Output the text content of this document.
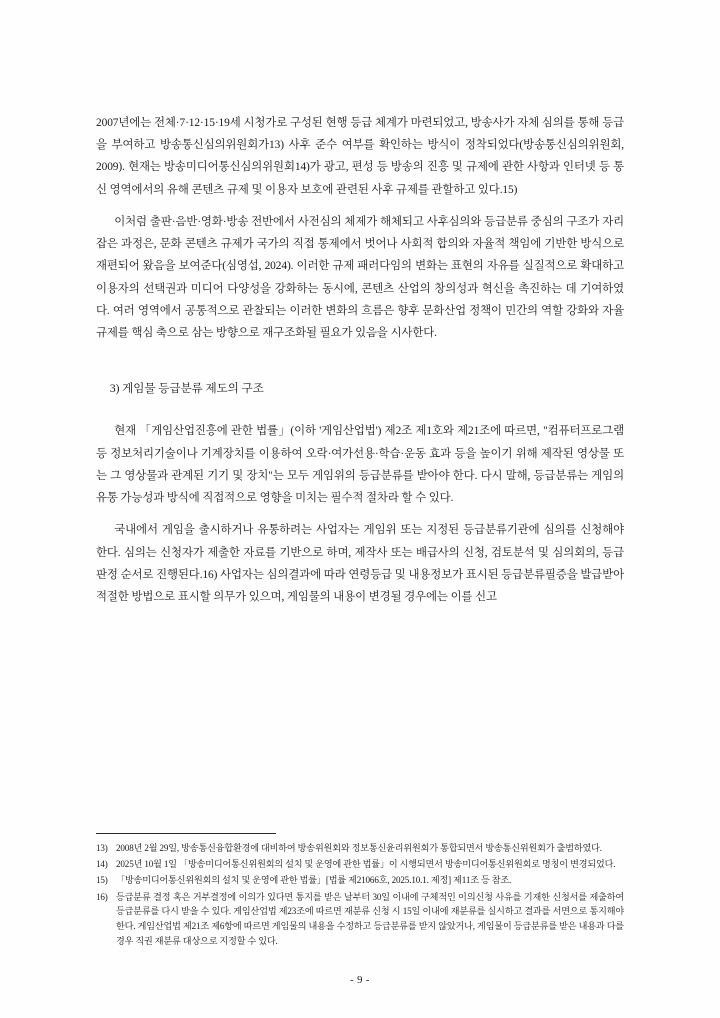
2007년에는 전체·7·12·15·19세 시청가로 구성된 현행 등급 체계가 마련되었고, 방송사가 자체 심의를 통해 등급을 부여하고 방송통신심의위원회가13) 사후 준수 여부를 확인하는 방식이 정착되었다(방송통신심의위원회, 2009). 현재는 방송미디어통신심의위원회14)가 광고, 편성 등 방송의 진흥 및 규제에 관한 사항과 인터넷 등 통신 영역에서의 유해 콘텐츠 규제 및 이용자 보호에 관련된 사후 규제를 관할하고 있다.15)

이처럼 출판·음반·영화·방송 전반에서 사전심의 체제가 해체되고 사후심의와 등급분류 중심의 구조가 자리 잡은 과정은, 문화 콘텐츠 규제가 국가의 직접 통제에서 벗어나 사회적 합의와 자율적 책임에 기반한 방식으로 재편되어 왔음을 보여준다(심영섭, 2024). 이러한 규제 패러다임의 변화는 표현의 자유를 실질적으로 확대하고 이용자의 선택권과 미디어 다양성을 강화하는 동시에, 콘텐츠 산업의 창의성과 혁신을 촉진하는 데 기여하였다. 여러 영역에서 공통적으로 관찰되는 이러한 변화의 흐름은 향후 문화산업 정책이 민간의 역할 강화와 자율규제를 핵심 축으로 삼는 방향으로 재구조화될 필요가 있음을 시사한다.

3) 게임물 등급분류 제도의 구조

현재 「게임산업진흥에 관한 법률」(이하 '게임산업법') 제2조 제1호와 제21조에 따르면, "컴퓨터프로그램 등 정보처리기술이나 기계장치를 이용하여 오락·여가선용·학습·운동 효과 등을 높이기 위해 제작된 영상물 또는 그 영상물과 관계된 기기 및 장치"는 모두 게임위의 등급분류를 받아야 한다. 다시 말해, 등급분류는 게임의 유통 가능성과 방식에 직접적으로 영향을 미치는 필수적 절차라 할 수 있다.

국내에서 게임을 출시하거나 유통하려는 사업자는 게임위 또는 지정된 등급분류기관에 심의를 신청해야 한다. 심의는 신청자가 제출한 자료를 기반으로 하며, 제작사 또는 배급사의 신청, 검토분석 및 심의회의, 등급판정 순서로 진행된다.16) 사업자는 심의결과에 따라 연령등급 및 내용정보가 표시된 등급분류필증을 발급받아 적절한 방법으로 표시할 의무가 있으며, 게임물의 내용이 변경될 경우에는 이를 신고

13) 2008년 2월 29일, 방송통신융합환경에 대비하여 방송위원회와 정보통신윤리위원회가 통합되면서 방송통신위원회가 출범하였다.
14) 2025년 10월 1일 「방송미디어통신위원회의 설치 및 운영에 관한 법률」이 시행되면서 방송미디어통신위원회로 명칭이 변경되었다.
15) 「방송미디어통신위원회의 설치 및 운영에 관한 법률」[법률 제21066호, 2025.10.1. 제정] 제11조 등 참조.
16) 등급분류 결정 혹은 거부결정에 이의가 있다면 통지를 받은 날부터 30일 이내에 구체적인 이의신청 사유를 기재한 신청서를 제출하여 등급분류를 다시 받을 수 있다. 게임산업법 제23조에 따르면 재분류 신청 시 15일 이내에 재분류를 실시하고 결과를 서면으로 통지해야 한다. 게임산업법 제21조 제6항에 따르면 게임물의 내용을 수정하고 등급분류를 받지 않았거나, 게임물이 등급분류를 받은 내용과 다를 경우 직권 재분류 대상으로 지정할 수 있다.
- 9 -
